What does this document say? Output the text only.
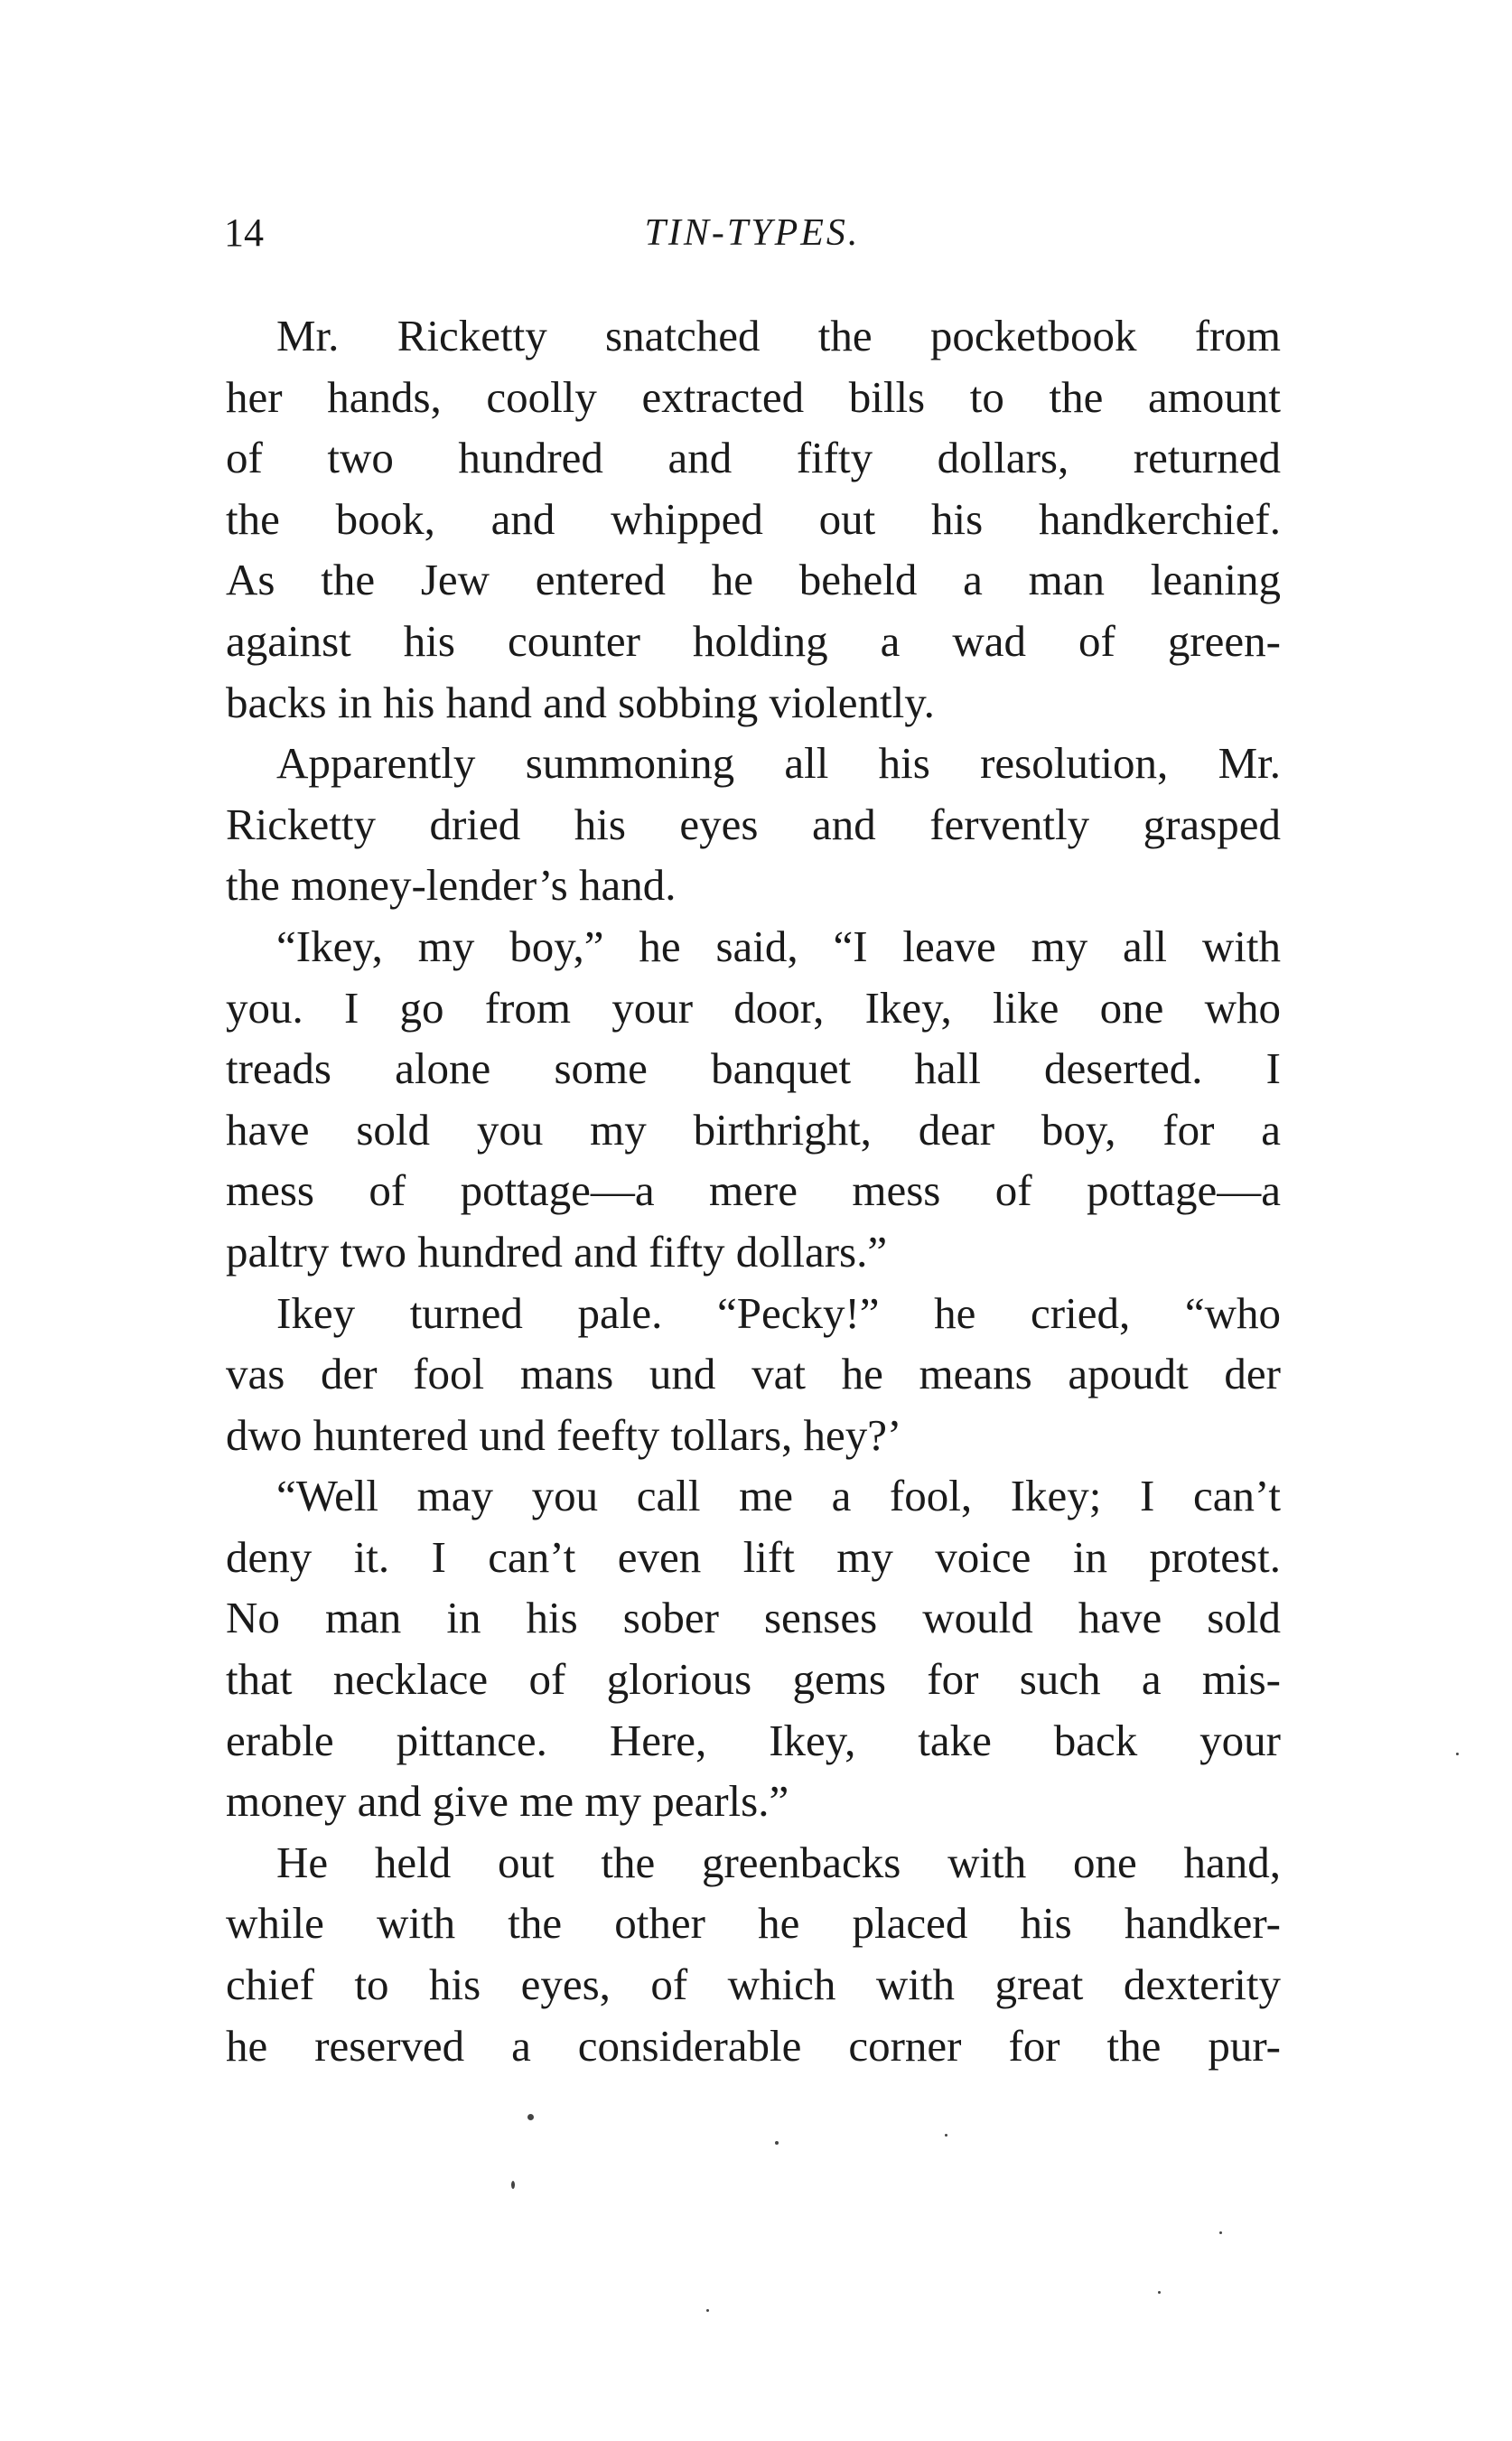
14	TIN-TYPES.
Mr. Ricketty snatched the pocketbook from
her hands, coolly extracted bills to the amount
of two hundred and fifty dollars, returned
the book, and whipped out his handkerchief.
As the Jew entered he beheld a man leaning
against his counter holding a wad of green-
backs in his hand and sobbing violently.
Apparently summoning all his resolution, Mr.
Ricketty dried his eyes and fervently grasped
the money-lender’s hand.
“Ikey, my boy,” he said, “I leave my all with
you. I go from your door, Ikey, like one who
treads alone some banquet hall deserted. I
have sold you my birthright, dear boy, for a
mess of pottage—a mere mess of pottage—a
paltry two hundred and fifty dollars.”
Ikey turned pale. “Pecky!” he cried, “who
vas der fool mans und vat he means apoudt der
dwo huntered und feefty tollars, hey?’
“Well may you call me a fool, Ikey; I can’t
deny it. I can’t even lift my voice in protest.
No man in his sober senses would have sold
that necklace of glorious gems for such a mis-
erable pittance. Here, Ikey, take back your
money and give me my pearls.”
He held out the greenbacks with one hand,
while with the other he placed his handker-
chief to his eyes, of which with great dexterity
he reserved a considerable corner for the pur-
